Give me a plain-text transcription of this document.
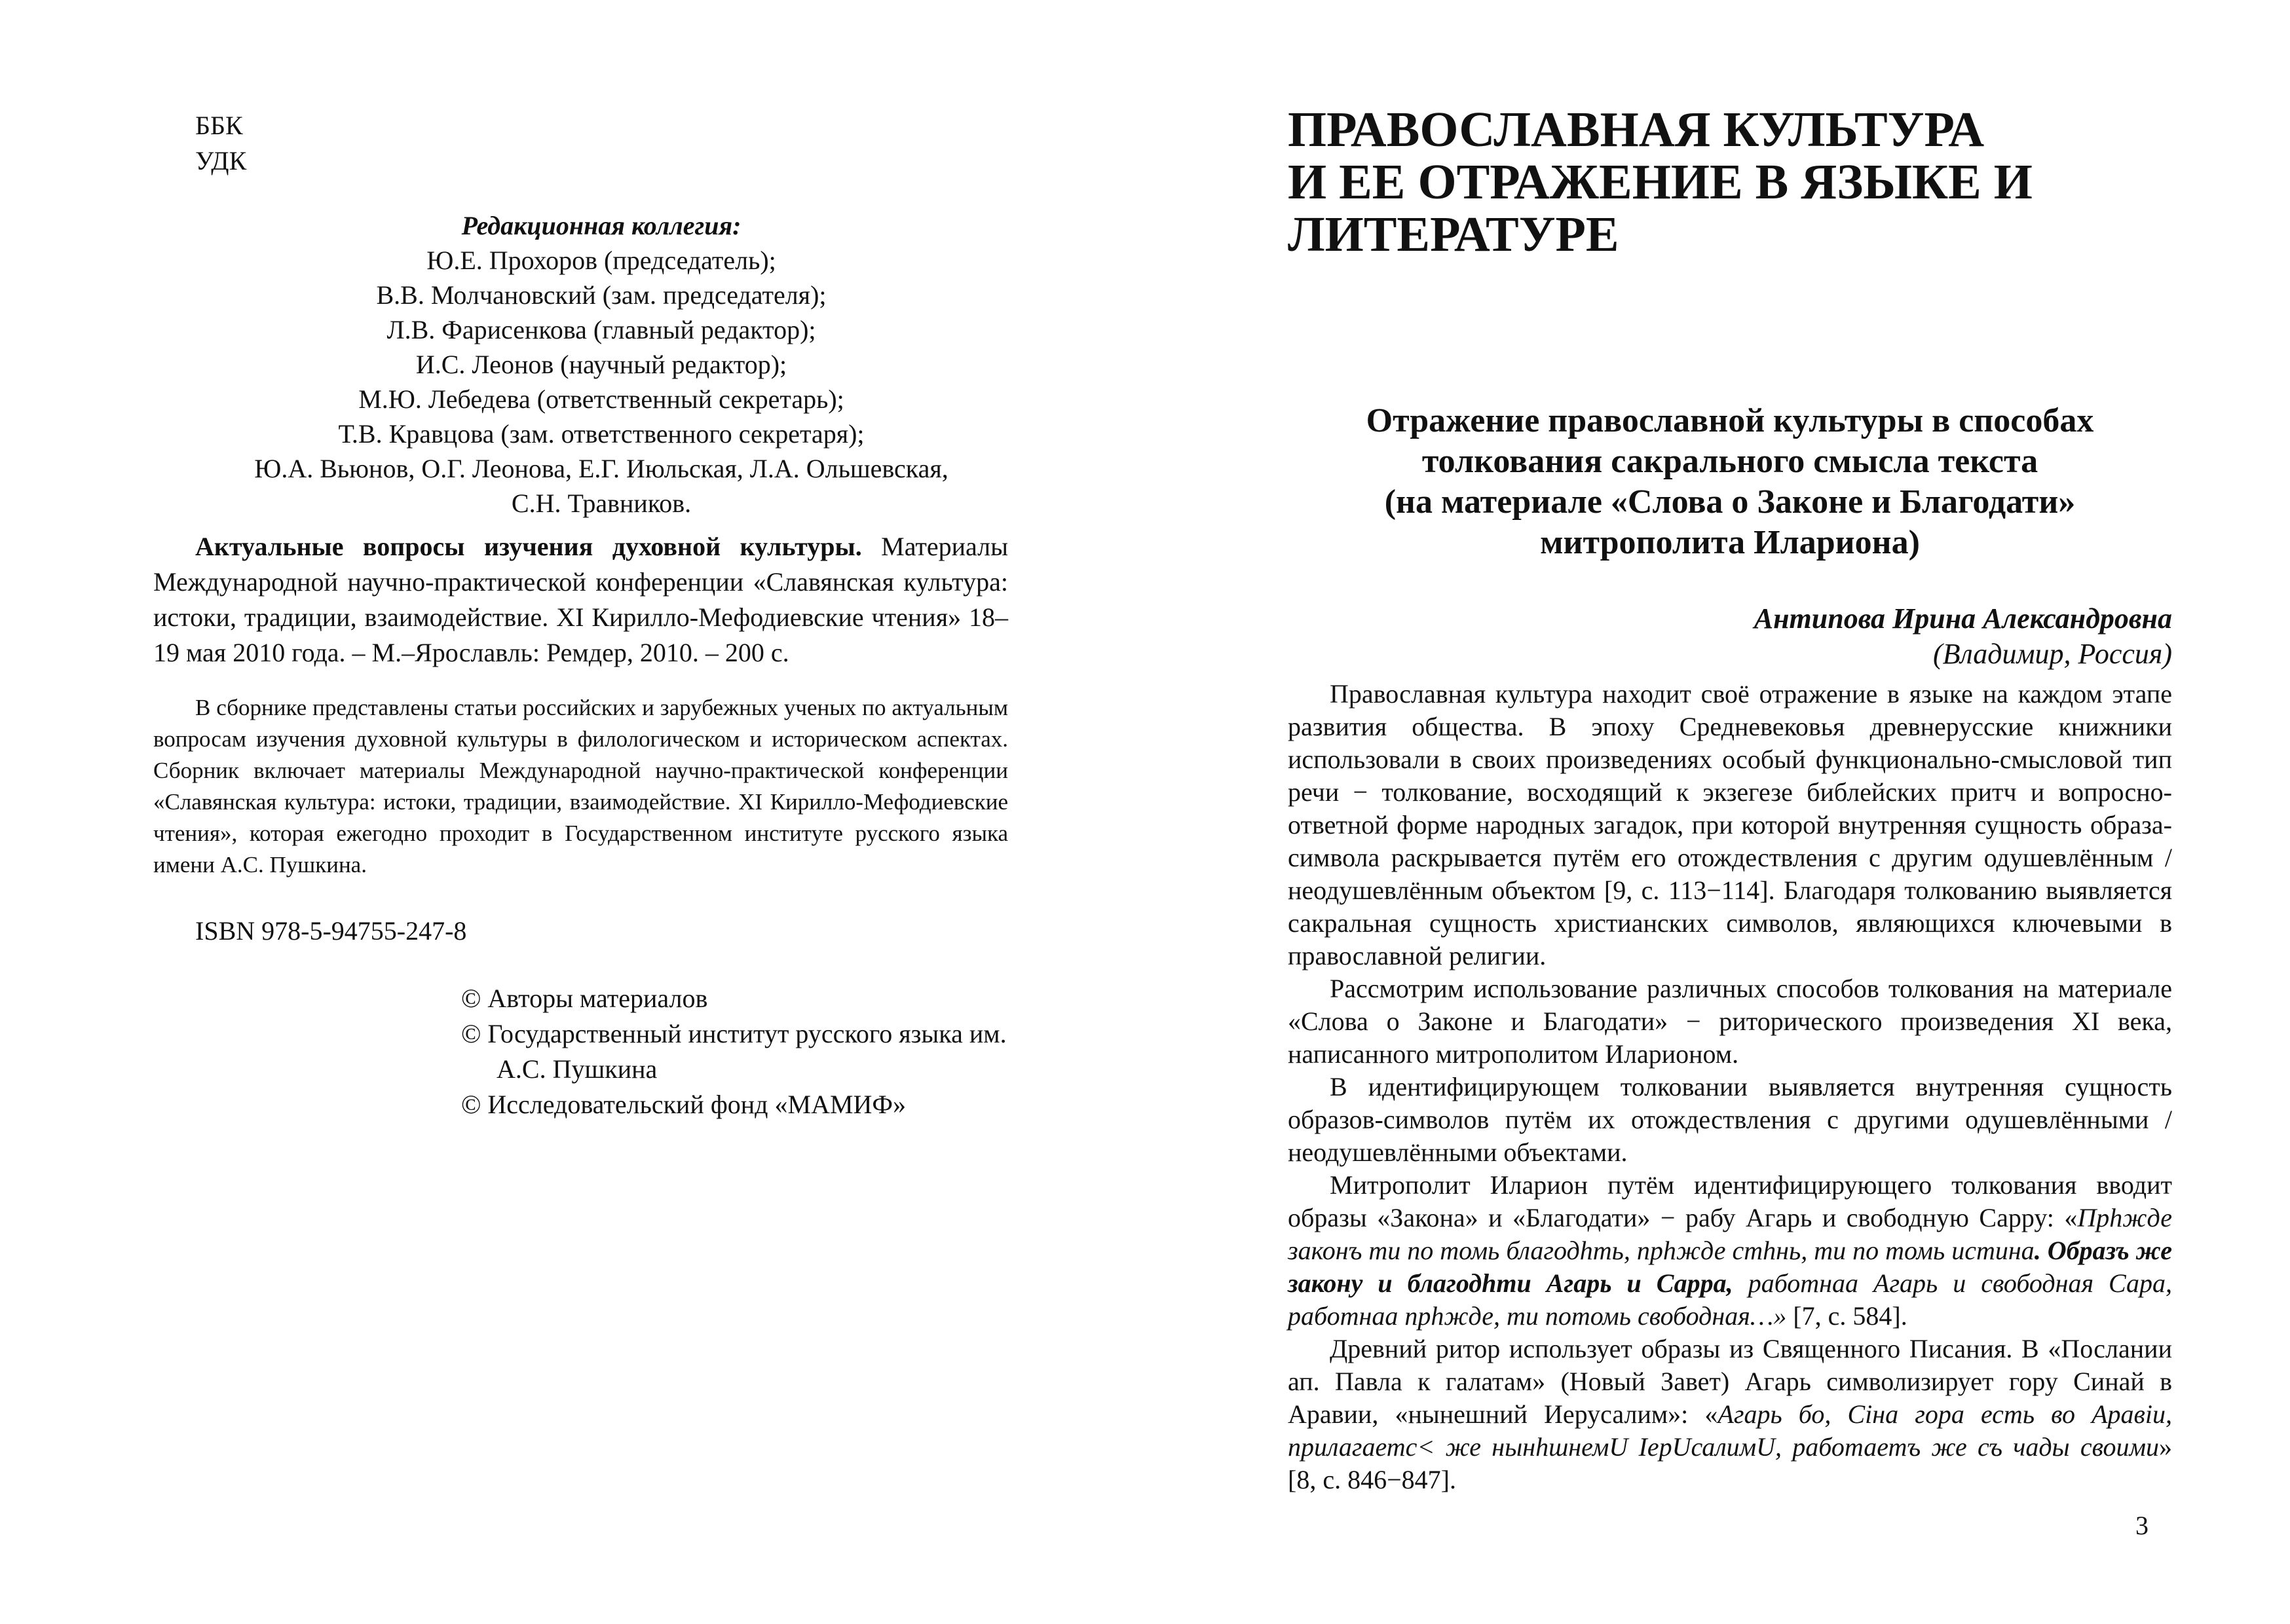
ББК
УДК
Редакционная коллегия:
Ю.Е. Прохоров (председатель);
В.В. Молчановский (зам. председателя);
Л.В. Фарисенкова (главный редактор);
И.С. Леонов (научный редактор);
М.Ю. Лебедева (ответственный секретарь);
Т.В. Кравцова (зам. ответственного секретаря);
Ю.А. Вьюнов, О.Г. Леонова, Е.Г. Июльская, Л.А. Ольшевская,
С.Н. Травников.
Актуальные вопросы изучения духовной культуры. Материалы Международной научно-практической конференции «Славянская культура: истоки, традиции, взаимодействие. XI Кирилло-Мефодиевские чтения» 18–19 мая 2010 года. – М.–Ярославль: Ремдер, 2010. – 200 с.
В сборнике представлены статьи российских и зарубежных ученых по актуальным вопросам изучения духовной культуры в филологическом и историческом аспектах. Сборник включает материалы Международной научно-практической конференции «Славянская культура: истоки, традиции, взаимодействие. XI Кирилло-Мефодиевские чтения», которая ежегодно проходит в Государственном институте русского языка имени А.С. Пушкина.
ISBN 978-5-94755-247-8

© Авторы материалов

© Государственный институт русского языка им. А.С. Пушкина

© Исследовательский фонд «МАМИФ»

ПРАВОСЛАВНАЯ КУЛЬТУРА
И ЕЕ ОТРАЖЕНИЕ В ЯЗЫКЕ И
ЛИТЕРАТУРЕ
Отражение православной культуры в способах
толкования сакрального смысла текста
(на материале «Слова о Законе и Благодати»
митрополита Илариона)
Антипова Ирина Александровна
(Владимир, Россия)

Православная культура находит своё отражение в языке на каждом этапе развития общества. В эпоху Средневековья древнерусские книжники использовали в своих произведениях особый функционально-смысловой тип речи − толкование, восходящий к экзегезе библейских притч и вопросно-ответной форме народных загадок, при которой внутренняя сущность образа-символа раскрывается путём его отождествления с другим одушевлённым / неодушевлённым объектом [9, с. 113−114]. Благодаря толкованию выявляется сакральная сущность христианских символов, являющихся ключевыми в православной религии.

Рассмотрим использование различных способов толкования на материале «Слова о Законе и Благодати» − риторического произведения XI века, написанного митрополитом Иларионом.

В идентифицирующем толковании выявляется внутренняя сущность образов-символов путём их отождествления с другими одушевлёнными / неодушевлёнными объектами.

Митрополит Иларион путём идентифицирующего толкования вводит образы «Закона» и «Благодати» − рабу Агарь и свободную Сарру: «Прhжде законъ ти по томь благодhть, прhжде стhнь, ти по томь истина. Образъ же закону и благодhти Агарь и Сарра, работнаа Агарь и свободная Сара, работнаа прhжде, ти потомь свободная…» [7, с. 584].

Древний ритор использует образы из Священного Писания. В «Послании ап. Павла к галатам» (Новый Завет) Агарь символизирует гору Синай в Аравии, «нынешний Иерусалим»: «Агарь бо, Сіна гора есть во Аравіи, прилагаетс< же нынhшнемU ІерUсалимU, работаетъ же съ чады своими» [8, с. 846−847].

3
